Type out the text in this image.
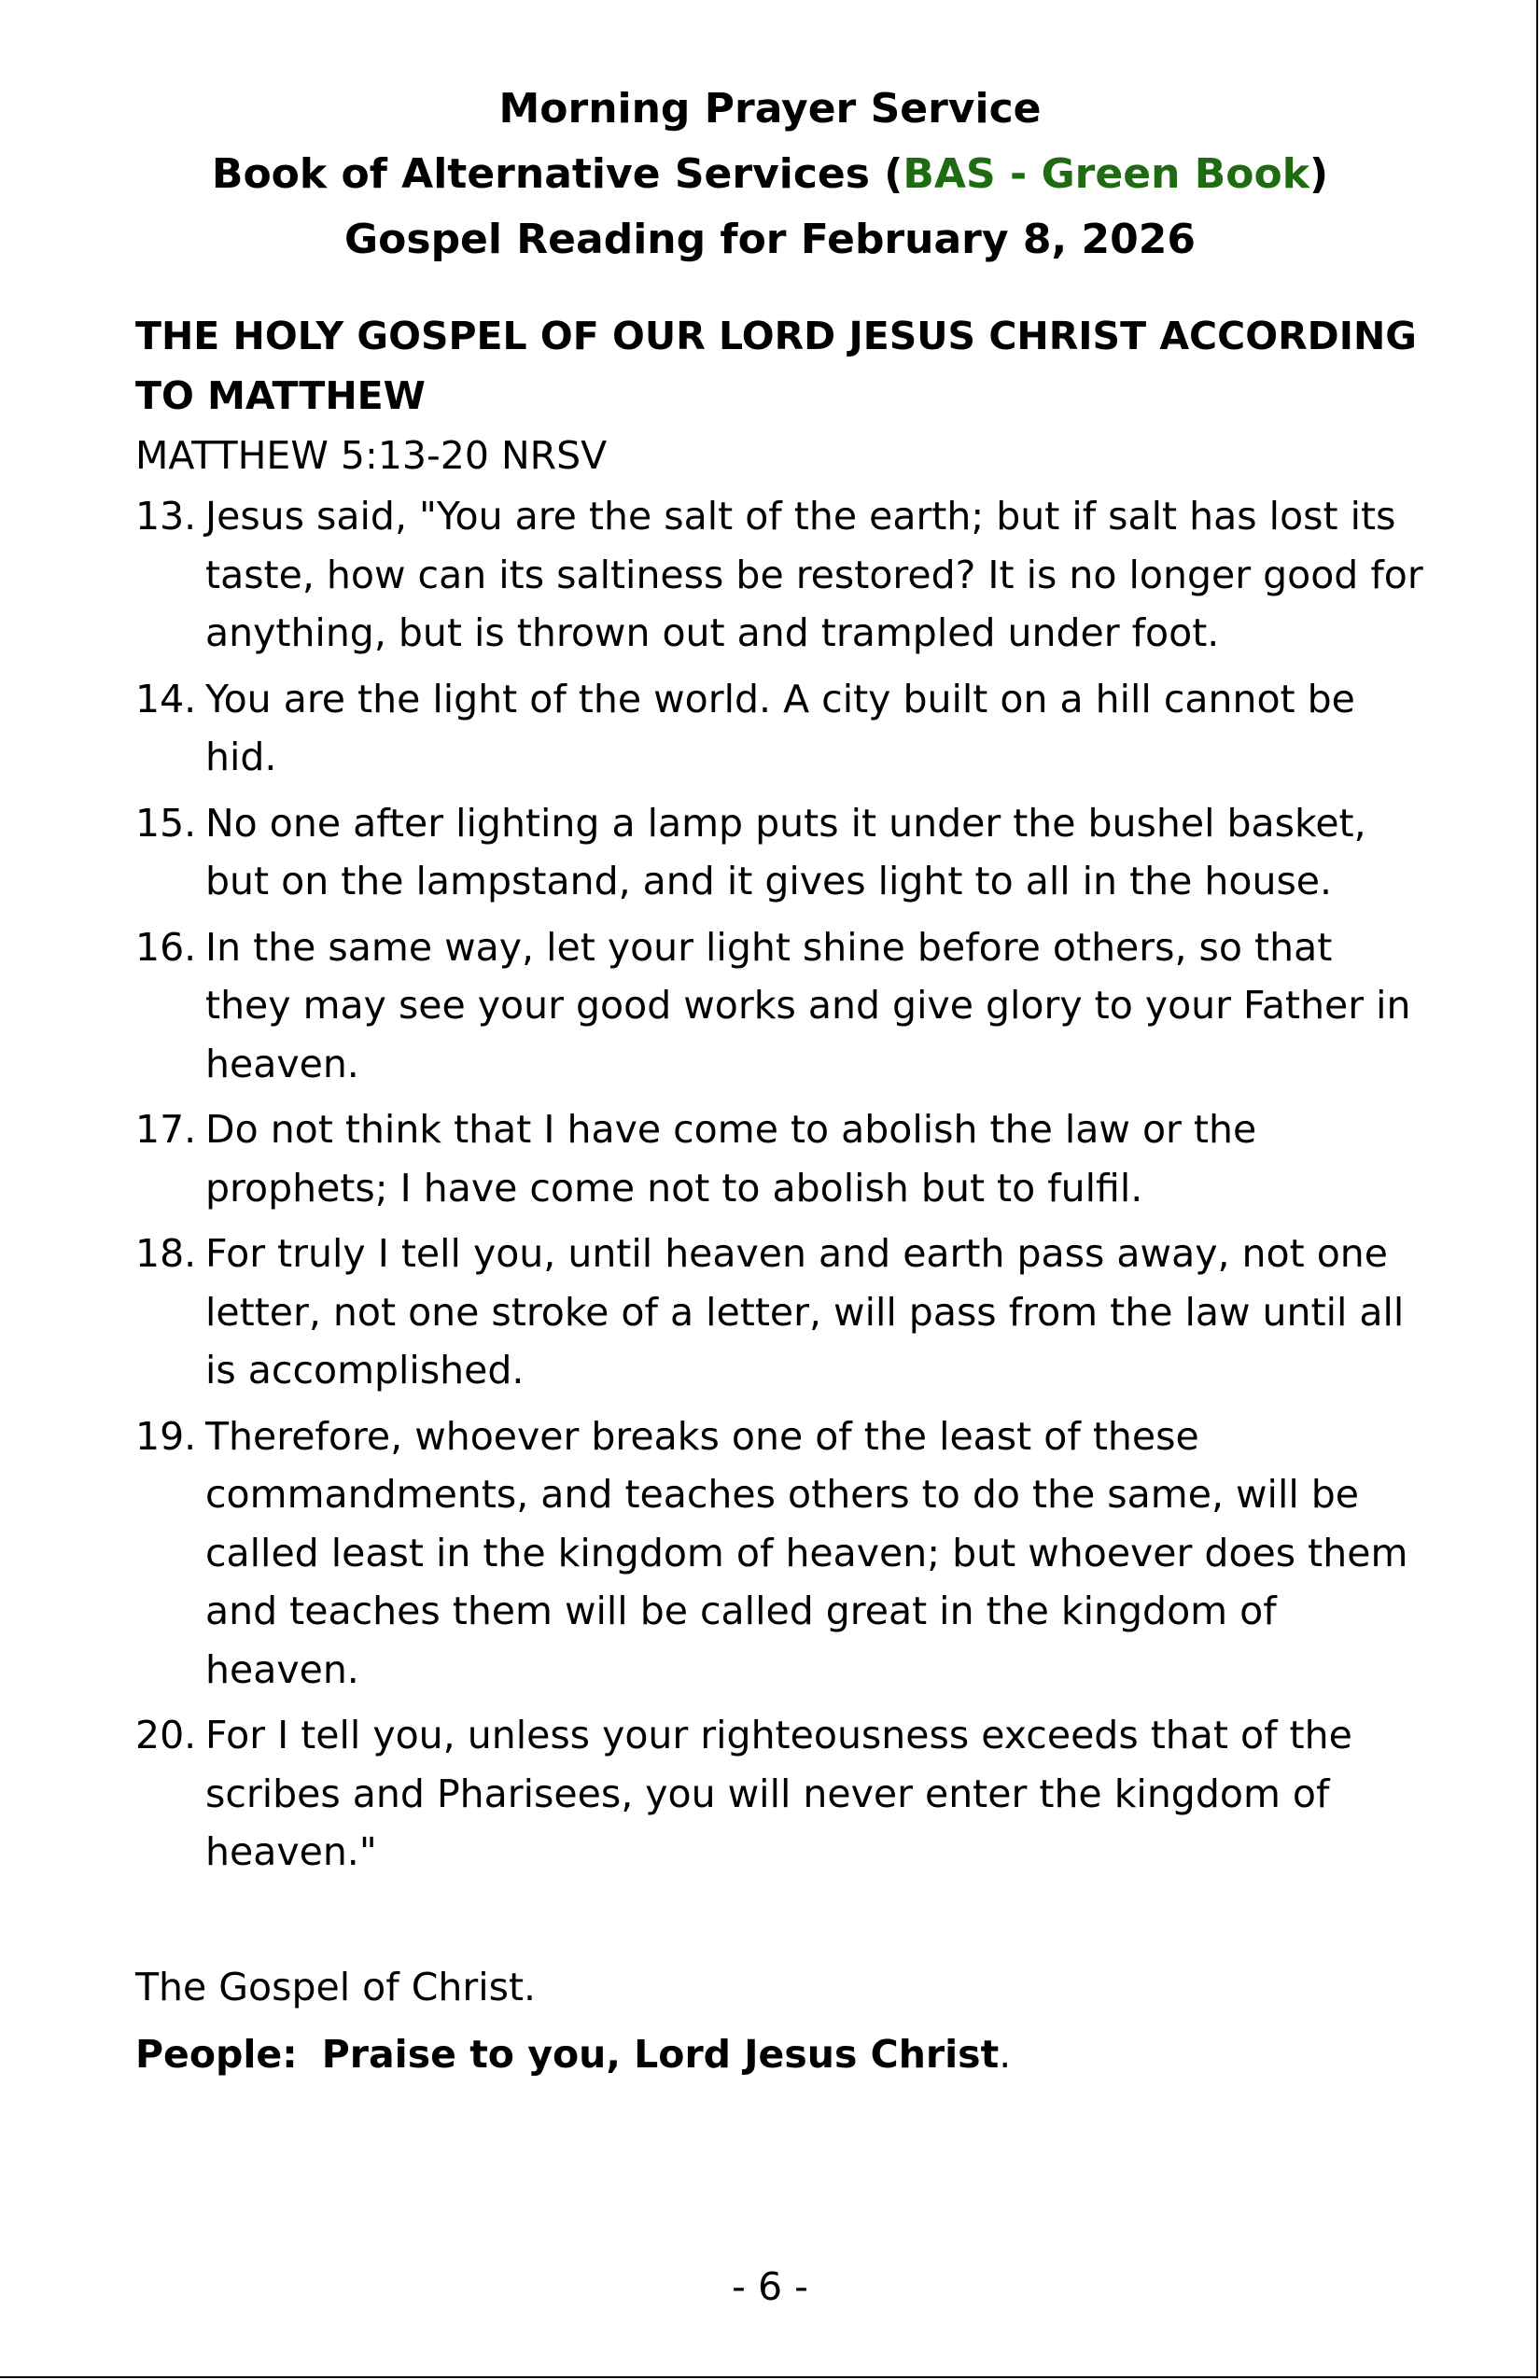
Morning Prayer Service
Book of Alternative Services (BAS - Green Book)
Gospel Reading for February 8, 2026

THE HOLY GOSPEL OF OUR LORD JESUS CHRIST ACCORDING TO MATTHEW

MATTHEW 5:13-20 NRSV

13. Jesus said, "You are the salt of the earth; but if salt has lost its taste, how can its saltiness be restored? It is no longer good for anything, but is thrown out and trampled under foot.
14. You are the light of the world. A city built on a hill cannot be hid.
15. No one after lighting a lamp puts it under the bushel basket, but on the lampstand, and it gives light to all in the house.
16. In the same way, let your light shine before others, so that they may see your good works and give glory to your Father in heaven.
17. Do not think that I have come to abolish the law or the prophets; I have come not to abolish but to fulfil.
18. For truly I tell you, until heaven and earth pass away, not one letter, not one stroke of a letter, will pass from the law until all is accomplished.
19. Therefore, whoever breaks one of the least of these commandments, and teaches others to do the same, will be called least in the kingdom of heaven; but whoever does them and teaches them will be called great in the kingdom of heaven.
20. For I tell you, unless your righteousness exceeds that of the scribes and Pharisees, you will never enter the kingdom of heaven."
The Gospel of Christ.
People: Praise to you, Lord Jesus Christ.
- 6 -
